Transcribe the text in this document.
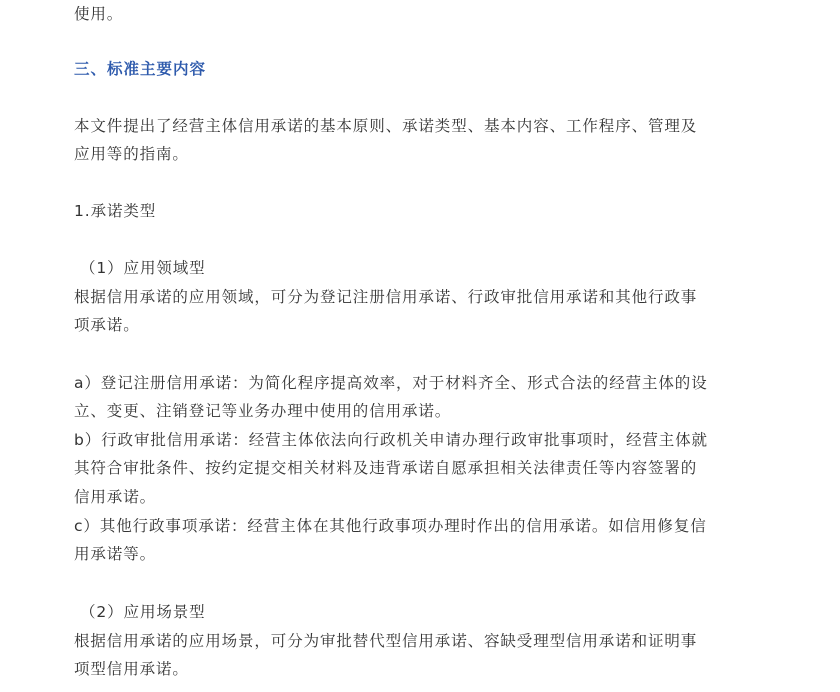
使用。

三、标准主要内容

本文件提出了经营主体信用承诺的基本原则、承诺类型、基本内容、工作程序、管理及

应用等的指南。

1.承诺类型

（1）应用领域型

根据信用承诺的应用领域，可分为登记注册信用承诺、行政审批信用承诺和其他行政事

项承诺。

a）登记注册信用承诺：为简化程序提高效率，对于材料齐全、形式合法的经营主体的设

立、变更、注销登记等业务办理中使用的信用承诺。

b）行政审批信用承诺：经营主体依法向行政机关申请办理行政审批事项时，经营主体就

其符合审批条件、按约定提交相关材料及违背承诺自愿承担相关法律责任等内容签署的

信用承诺。

c）其他行政事项承诺：经营主体在其他行政事项办理时作出的信用承诺。如信用修复信

用承诺等。

（2）应用场景型

根据信用承诺的应用场景，可分为审批替代型信用承诺、容缺受理型信用承诺和证明事

项型信用承诺。
